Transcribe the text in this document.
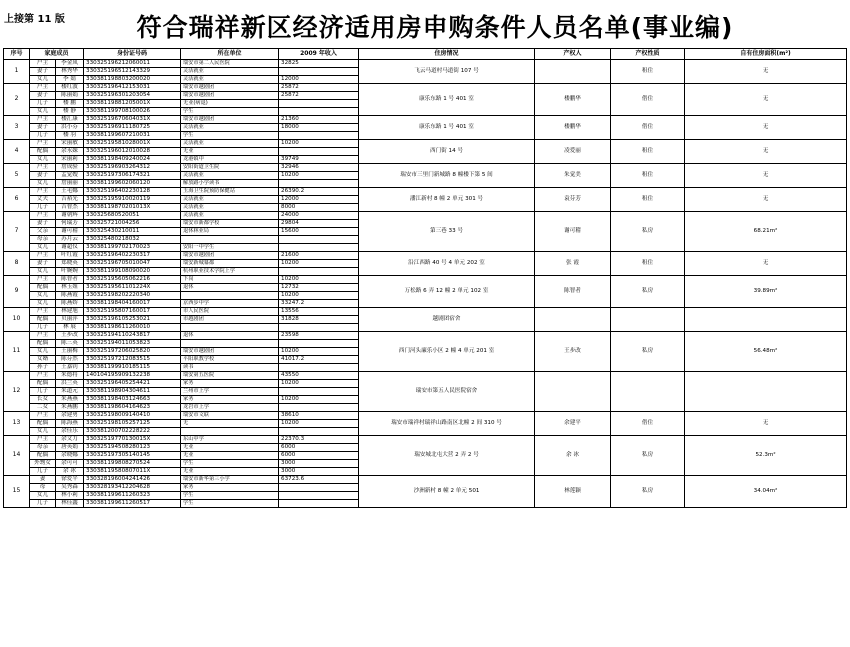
上接第 11 版	符合瑞祥新区经济适用房申购条件人员名单(事业编)
序号	家庭成员		身份证号码	所在单位	2009 年收入	住房情况	产权人	产权性质	自有住房面积(m²)
1	户主	李金凤	330325196212060011	瑞安市第二人民医院	32825	飞云马道村马道街 107 号		租住	无
	妻子	林秀华	330325196512143329	灵活就业					
	女儿	李 婧	330381198803200020	灵活就业	12000				
2	户主	楼红波	330325196412153031	瑞安市越剧团	25872	康乐东路 1 号 401 室	楼鹏华	借住	无
	妻子	陈丽娟	330325196301203054	瑞安市越剧团	25872				
	儿子	楼 鹏	33038119881205001X	无业(病退)					
	女儿	楼 静	330381199708100026	学生					
3	户主	楼汇康	33032519670604031X	瑞安市越剧团	21360	康乐东路 1 号 401 室	楼鹏华	借住	无
	妻子	洪小芬	330325196911180725	灵活就业	18000				
	儿子	楼 羽	330381199607210031	学生					
4	户主	宋丽敏	33032519581028001X	灵活就业	10200	西门街 14 号	凌爱丽	租住	无
	配偶	余永妹	330325196012010028	无业					
	女儿	宋丽莉	330381198409240024	龙港镇中	39749				
5	户主	詹成验	330325196903264312	安阳街道卫生院	32946	瑞安市三里门新城路 8 幢楼下第 5 间	朱觉美	租住	无
	妻子	孟觉嫂	330325197306174321	灵活就业	10200				
	女儿	詹丽丽	330381199602060120	解放路小学读书					
6	户主	王毛娜	330325196402230128	玉海卫生院预防保健站	26390.2	潘江新村 8 幢 2 单元 301 号	袁芬芳	租住	无
	丈夫	吉裕光	330325195910020119	灵活就业	12000				
	儿子	吉智杰	33038119870201013X	灵活就业	8000				
7	户主	谢朝辉	330325680520051	灵活就业	24000	第三巷 33 号	谢可稽	私房	68.21m²
	妻子	何瑞芳	330325721004256	瑞安市新都学校	29804				
	父亲	谢可稽	330325430210011	退休林业局	15600				
	母亲	苏月云	330325480218032						
	女儿	谢超仪	330381199702170023	安阳一中学生					
8	户主	叶红霞	330325196402230317	瑞安市越剧团	21600	沿江西路 40 号 4 单元 202 室	张 霞	租住	无
	妻子	郑晓英	330325196705010047	瑞安新城幕都	10200				
	女儿	叶婉婉	330381199108090020	杭州职业技术学院上学					
9	户主	陈智者	330325195605062216	下岗	10200	万松路 6 弄 12 幢 2 单元 102 室	陈智者	私房	39.89m²
	配偶	林玉姐	33032519561101224X	退休	12732				
	女儿	陈燕霞	330325198202220340		10200				
	女儿	陈燕娇	330381198404160017	京西步中学	33247.2				
10	户主	林建旭	330325195807160017	市人民医院	13556	越剧团宿舍			
	配偶	贝丽萍	330325196105253021	市越剧团	31828				
	儿子	林 展	330381198611260010						
11	户主	王步改	330325194110243817	退休	23598	西门河头廉乐小区 2 幢 4 单元 201 室	王步改	私房	56.48m²
	配偶	陈三英	330325194011053823						
	女儿	王丽梅	330325197206025820	瑞安市越剧团	10200				
	女婿	陈芬然	330325197212083515	平阳职教学校	41017.2				
	孙子	王嘉钊	330381199910185115	读书					
12	户主	朱德将	140104195909132238	瑞安第五医院	43550	瑞安市第五人民医院宿舍			
	配偶	洪兰英	330325196405254421	家务	10200				
	儿子	朱道元	330381198904304611	兰州市上学					
	长女	朱燕燕	330381198403124663	家务	10200				
	二女	朱燕鹏	330381198604164623	龙岩市上学					
13	户主	余建勇	330325198009140410	瑞安市文联	38610	瑞安市瑞祥村瑞祥山路南区北幢 2 间 310 号	余建平	借住	无
	配偶	陈海燕	330325198105257125	无	10200				
	女儿	余佳乐	330381200702228222						
14	户主	余文力	33032519770130015X	东山中学	22370.3	瑞安城北屯大营 2 弄 2 号	余 冰	私房	52.3m²
	母亲	唐英娟	330325194508280123	无业	6000				
	配偶	余晓娜	330325197305140145	无业	6000				
	外甥女	余可可	330381199808270524	学生	3000				
	儿子	余 冰	33038119580807011X	无业	3000				
15	妻	徐爱平	330328196004241426	瑞安市新华第三小学	63723.6	沙洲新村 8 幢 2 单元 501	林莲颖	私房	34.04m²
	母	吴秀森	330328193412204628	家务					
	女儿	林小莉	330381199611260323	学生					
	儿子	林佳鑫	330381199611260517	学生					
